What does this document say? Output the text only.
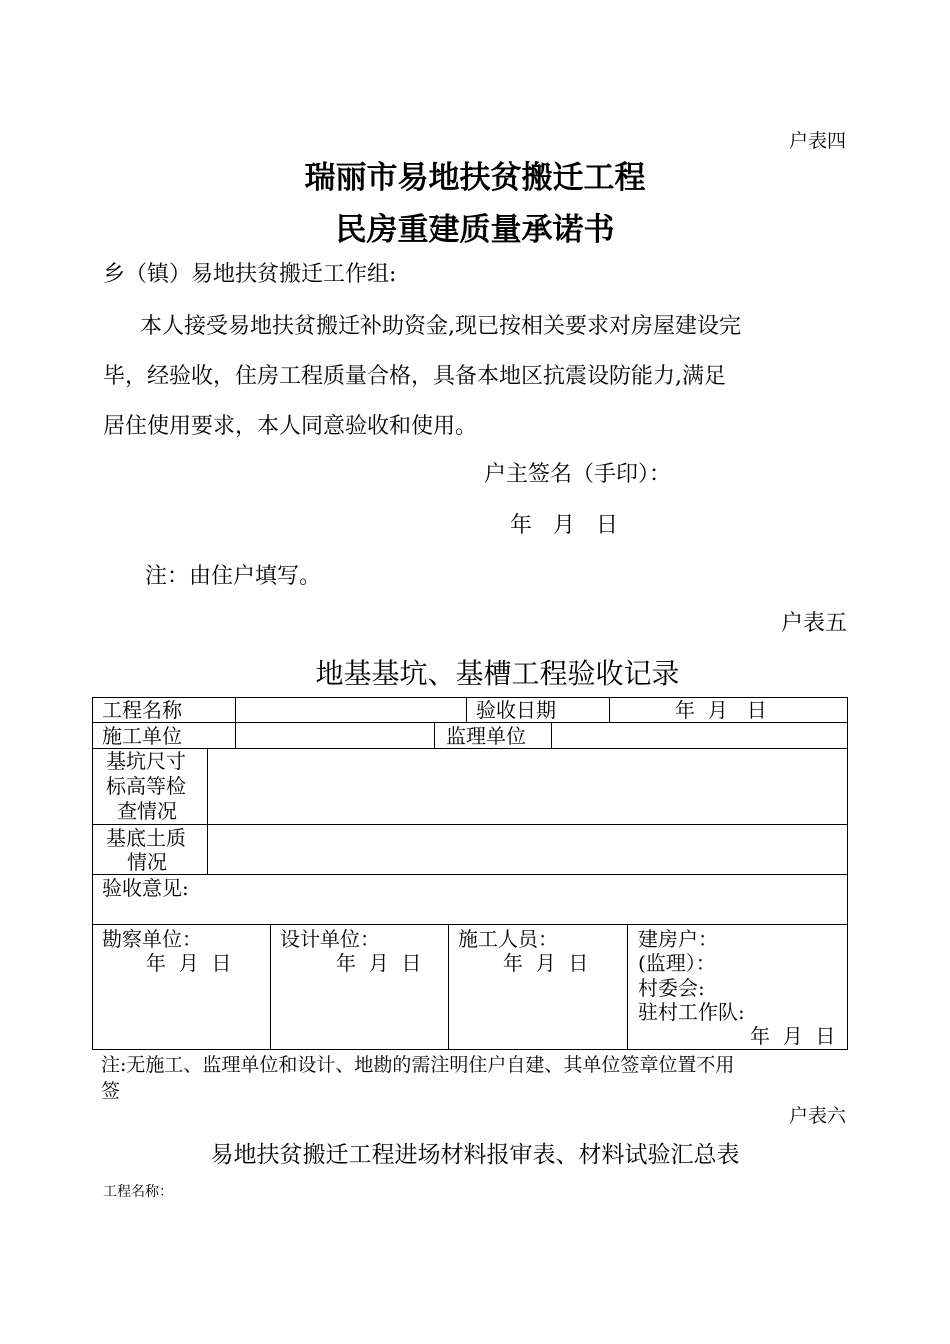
户表四
瑞丽市易地扶贫搬迁工程
民房重建质量承诺书
乡（镇）易地扶贫搬迁工作组:
本人接受易地扶贫搬迁补助资金,现已按相关要求对房屋建设完
毕，经验收，住房工程质量合格，具备本地区抗震设防能力,满足
居住使用要求，本人同意验收和使用。
户主签名（手印）：
年   月   日
注：由住户填写。
户表五
地基基坑、基槽工程验收记录
工程名称	验收日期	年  月   日
施工单位	监理单位
基坑尺寸
标高等检
查情况
基底土质
情况
验收意见:
勘察单位：
年  月  日
设计单位：
年  月  日
施工人员：
年  月  日
建房户：
(监理）：
村委会:
驻村工作队:
年  月  日
注:无施工、监理单位和设计、地勘的需注明住户自建、其单位签章位置不用
签
户表六
易地扶贫搬迁工程进场材料报审表、材料试验汇总表
工程名称：
